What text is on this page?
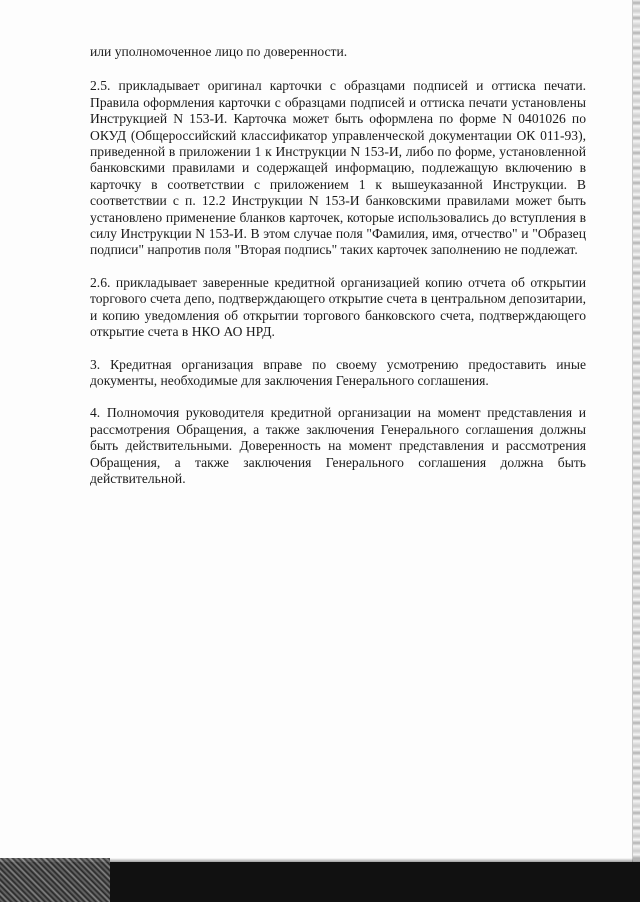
или уполномоченное лицо по доверенности.

2.5. прикладывает оригинал карточки с образцами подписей и оттиска печати. Правила оформления карточки с образцами подписей и оттиска печати установлены Инструкцией N 153-И. Карточка может быть оформлена по форме N 0401026 по ОКУД (Общероссийский классификатор управленческой документации ОК 011-93), приведенной в приложении 1 к Инструкции N 153-И, либо по форме, установленной банковскими правилами и содержащей информацию, подлежащую включению в карточку в соответствии с приложением 1 к вышеуказанной Инструкции. В соответствии с п. 12.2 Инструкции N 153-И банковскими правилами может быть установлено применение бланков карточек, которые использовались до вступления в силу Инструкции N 153-И. В этом случае поля "Фамилия, имя, отчество" и "Образец подписи" напротив поля "Вторая подпись" таких карточек заполнению не подлежат.

2.6. прикладывает заверенные кредитной организацией копию отчета об открытии торгового счета депо, подтверждающего открытие счета в центральном депозитарии, и копию уведомления об открытии торгового банковского счета, подтверждающего открытие счета в НКО АО НРД.

3. Кредитная организация вправе по своему усмотрению предоставить иные документы, необходимые для заключения Генерального соглашения.

4. Полномочия руководителя кредитной организации на момент представления и рассмотрения Обращения, а также заключения Генерального соглашения должны быть действительными. Доверенность на момент представления и рассмотрения Обращения, а также заключения Генерального соглашения должна быть действительной.
